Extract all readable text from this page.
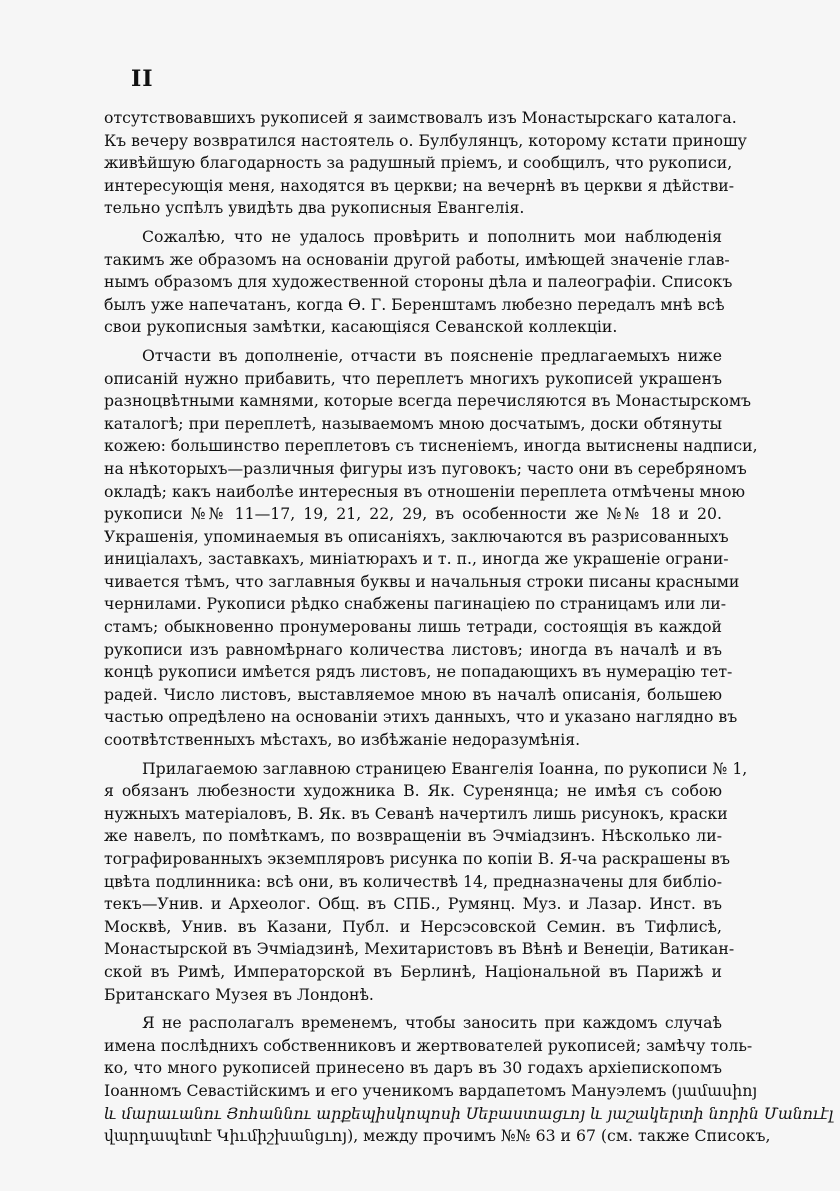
II
отсутствовавшихъ рукописей я заимствовалъ изъ Монастырскаго каталога.
Къ вечеру возвратился настоятель о. Булбулянцъ, которому кстати приношу
живѣйшую благодарность за радушный пріемъ, и сообщилъ, что рукописи,
интересующія меня, находятся въ церкви; на вечернѣ въ церкви я дѣйстви-
тельно успѣлъ увидѣть два рукописныя Евангелія.
Сожалѣю, что не удалось провѣрить и пополнить мои наблюденія
такимъ же образомъ на основаніи другой работы, имѣющей значеніе глав-
нымъ образомъ для художественной стороны дѣла и палеографіи. Списокъ
былъ уже напечатанъ, когда Ѳ. Г. Беренштамъ любезно передалъ мнѣ всѣ
свои рукописныя замѣтки, касающіяся Севанской коллекціи.
Отчасти въ дополненіе, отчасти въ поясненіе предлагаемыхъ ниже
описаній нужно прибавить, что переплетъ многихъ рукописей украшенъ
разноцвѣтными камнями, которые всегда перечисляются въ Монастырскомъ
каталогѣ; при переплетѣ, называемомъ мною досчатымъ, доски обтянуты
кожею: большинство переплетовъ съ тисненіемъ, иногда вытиснены надписи,
на нѣкоторыхъ—различныя фигуры изъ пуговокъ; часто они въ серебряномъ
окладѣ; какъ наиболѣе интересныя въ отношеніи переплета отмѣчены мною
рукописи №№ 11—17, 19, 21, 22, 29, въ особенности же №№ 18 и 20.
Украшенія, упоминаемыя въ описаніяхъ, заключаются въ разрисованныхъ
иниціалахъ, заставкахъ, миніатюрахъ и т. п., иногда же украшеніе ограни-
чивается тѣмъ, что заглавныя буквы и начальныя строки писаны красными
чернилами. Рукописи рѣдко снабжены пагинаціею по страницамъ или ли-
стамъ; обыкновенно пронумерованы лишь тетради, состоящія въ каждой
рукописи изъ равномѣрнаго количества листовъ; иногда въ началѣ и въ
концѣ рукописи имѣется рядъ листовъ, не попадающихъ въ нумерацію тет-
радей. Число листовъ, выставляемое мною въ началѣ описанія, большею
частью опредѣлено на основаніи этихъ данныхъ, что и указано наглядно въ
соотвѣтственныхъ мѣстахъ, во избѣжаніе недоразумѣнія.
Прилагаемою заглавною страницею Евангелія Іоанна, по рукописи № 1,
я обязанъ любезности художника В. Як. Суренянца; не имѣя съ собою
нужныхъ матеріаловъ, В. Як. въ Севанѣ начертилъ лишь рисунокъ, краски
же навелъ, по помѣткамъ, по возвращеніи въ Эчміадзинъ. Нѣсколько ли-
тографированныхъ экземпляровъ рисунка по копіи В. Я-ча раскрашены въ
цвѣта подлинника: всѣ они, въ количествѣ 14, предназначены для библіо-
текъ—Унив. и Археолог. Общ. въ СПБ., Румянц. Муз. и Лазар. Инст. въ
Москвѣ, Унив. въ Казани, Публ. и Нерсэсовской Семин. въ Тифлисѣ,
Монастырской въ Эчміадзинѣ, Мехитаристовъ въ Вѣнѣ и Венеціи, Ватикан-
ской въ Римѣ, Императорской въ Берлинѣ, Національной въ Парижѣ и
Британскаго Музея въ Лондонѣ.
Я не располагалъ временемъ, чтобы заносить при каждомъ случаѣ
имена послѣднихъ собственниковъ и жертвователей рукописей; замѣчу толь-
ко, что много рукописей принесено въ даръ въ 30 годахъ архіепископомъ
Іоанномъ Севастійскимъ и его ученикомъ вардапетомъ Мануэлемъ (յամասիոյ
և մարաւանու Յոհաննու արքեպիսկոպոսի Սեբաստացւոյ և յաշակերտի նորին Մանուէլ
վարդապետէ Կիւմիշխանցւոյ), между прочимъ №№ 63 и 67 (см. также Списокъ,
